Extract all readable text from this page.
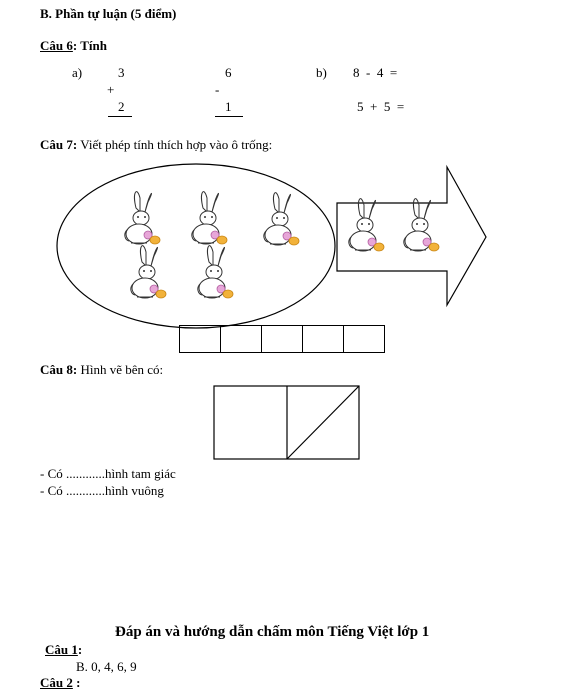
B. Phần tự luận (5 điểm)
Câu 6: Tính
a)	3
+
2
6
-
1
b) 8  -  4  =
5  +  5  =
Câu 7: Viết phép tính thích hợp vào ô trống:
Câu 8: Hình vẽ bên có:
- Có ............hình tam giác
- Có ............hình vuông
Đáp án và hướng dẫn chấm môn Tiếng Việt lớp 1
Câu 1:
B. 0, 4, 6, 9
Câu 2 :
